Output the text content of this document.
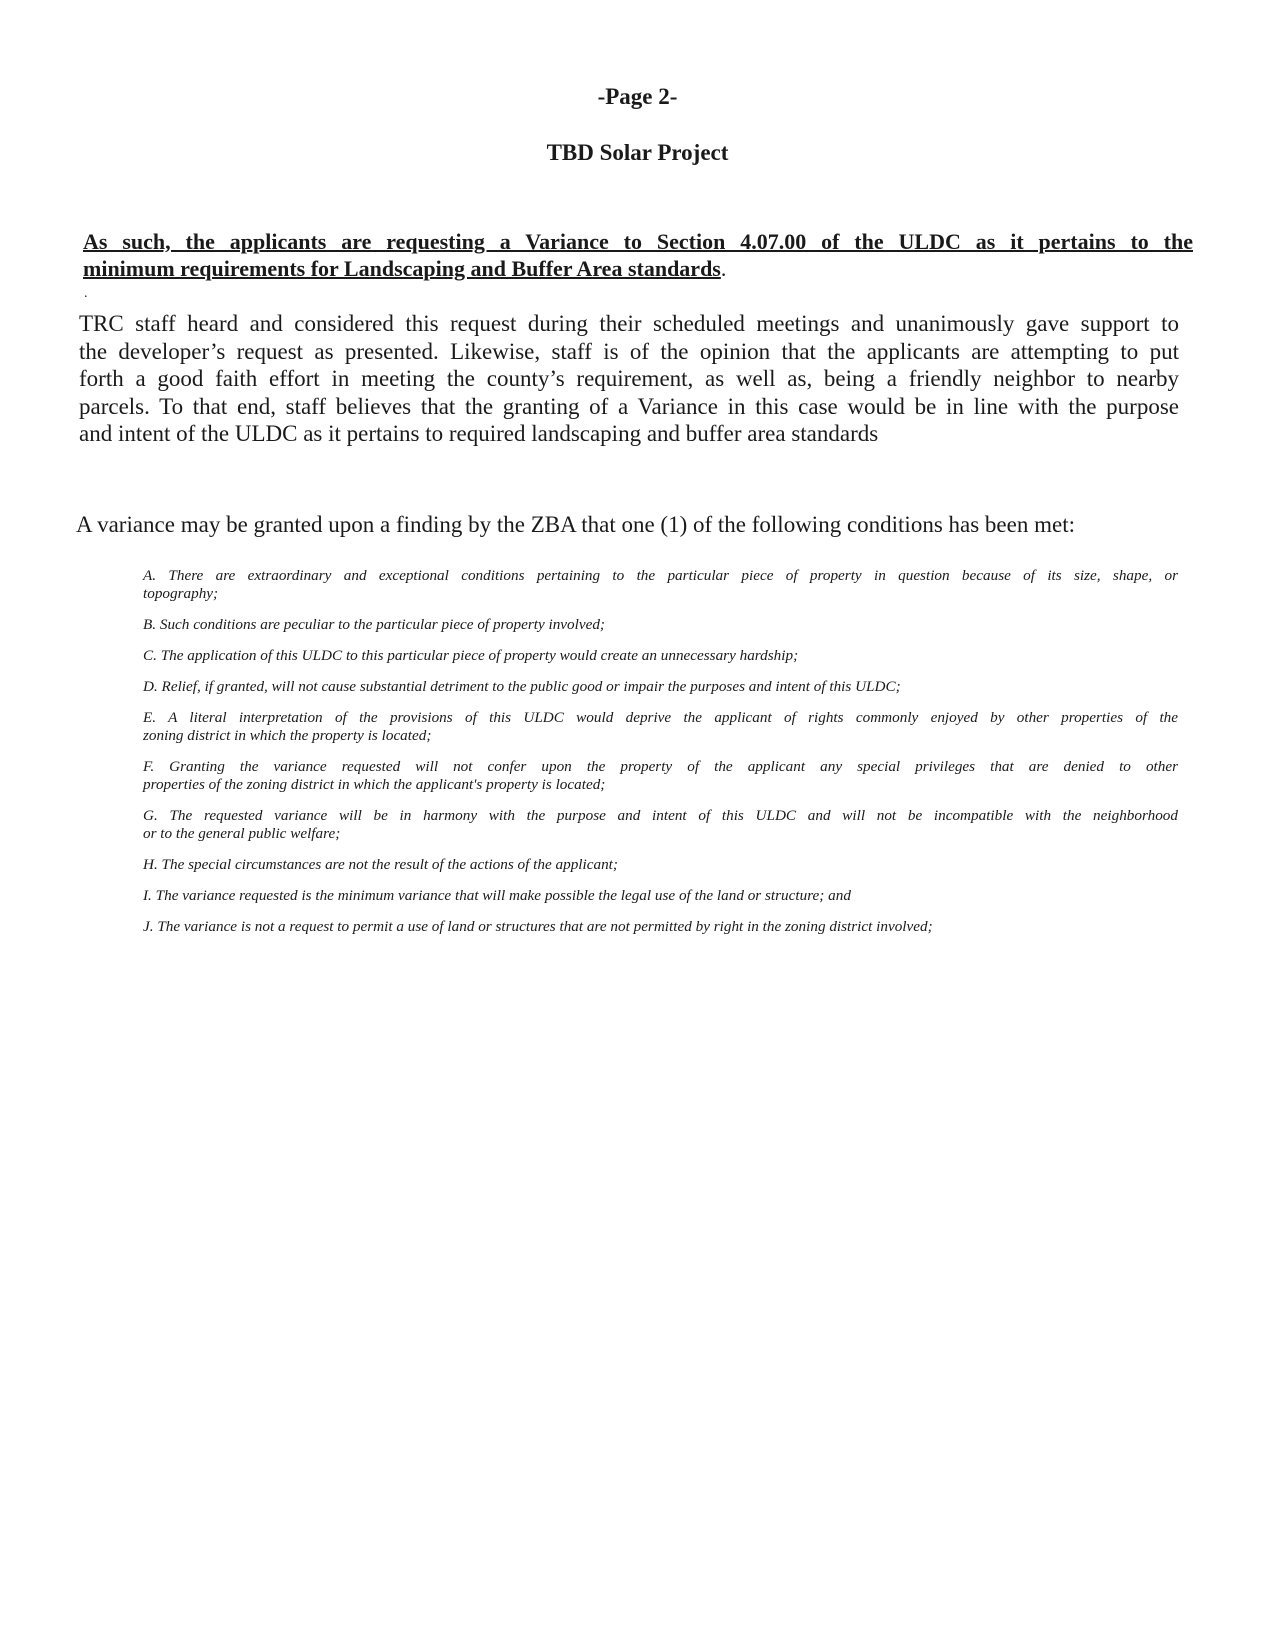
-Page 2-
TBD Solar Project
As such, the applicants are requesting a Variance to Section 4.07.00 of the ULDC as it pertains to the
minimum requirements for Landscaping and Buffer Area standards.
.
TRC staff heard and considered this request during their scheduled meetings and unanimously gave support to
the developer’s request as presented. Likewise, staff is of the opinion that the applicants are attempting to put
forth a good faith effort in meeting the county’s requirement, as well as, being a friendly neighbor to nearby
parcels. To that end, staff believes that the granting of a Variance in this case would be in line with the purpose
and intent of the ULDC as it pertains to required landscaping and buffer area standards
A variance may be granted upon a finding by the ZBA that one (1) of the following conditions has been met:
A. There are extraordinary and exceptional conditions pertaining to the particular piece of property in question because of its size, shape, or
topography;
B. Such conditions are peculiar to the particular piece of property involved;
C. The application of this ULDC to this particular piece of property would create an unnecessary hardship;
D. Relief, if granted, will not cause substantial detriment to the public good or impair the purposes and intent of this ULDC;
E. A literal interpretation of the provisions of this ULDC would deprive the applicant of rights commonly enjoyed by other properties of the
zoning district in which the property is located;
F. Granting the variance requested will not confer upon the property of the applicant any special privileges that are denied to other
properties of the zoning district in which the applicant's property is located;
G. The requested variance will be in harmony with the purpose and intent of this ULDC and will not be incompatible with the neighborhood
or to the general public welfare;
H. The special circumstances are not the result of the actions of the applicant;
I. The variance requested is the minimum variance that will make possible the legal use of the land or structure; and
J. The variance is not a request to permit a use of land or structures that are not permitted by right in the zoning district involved;
